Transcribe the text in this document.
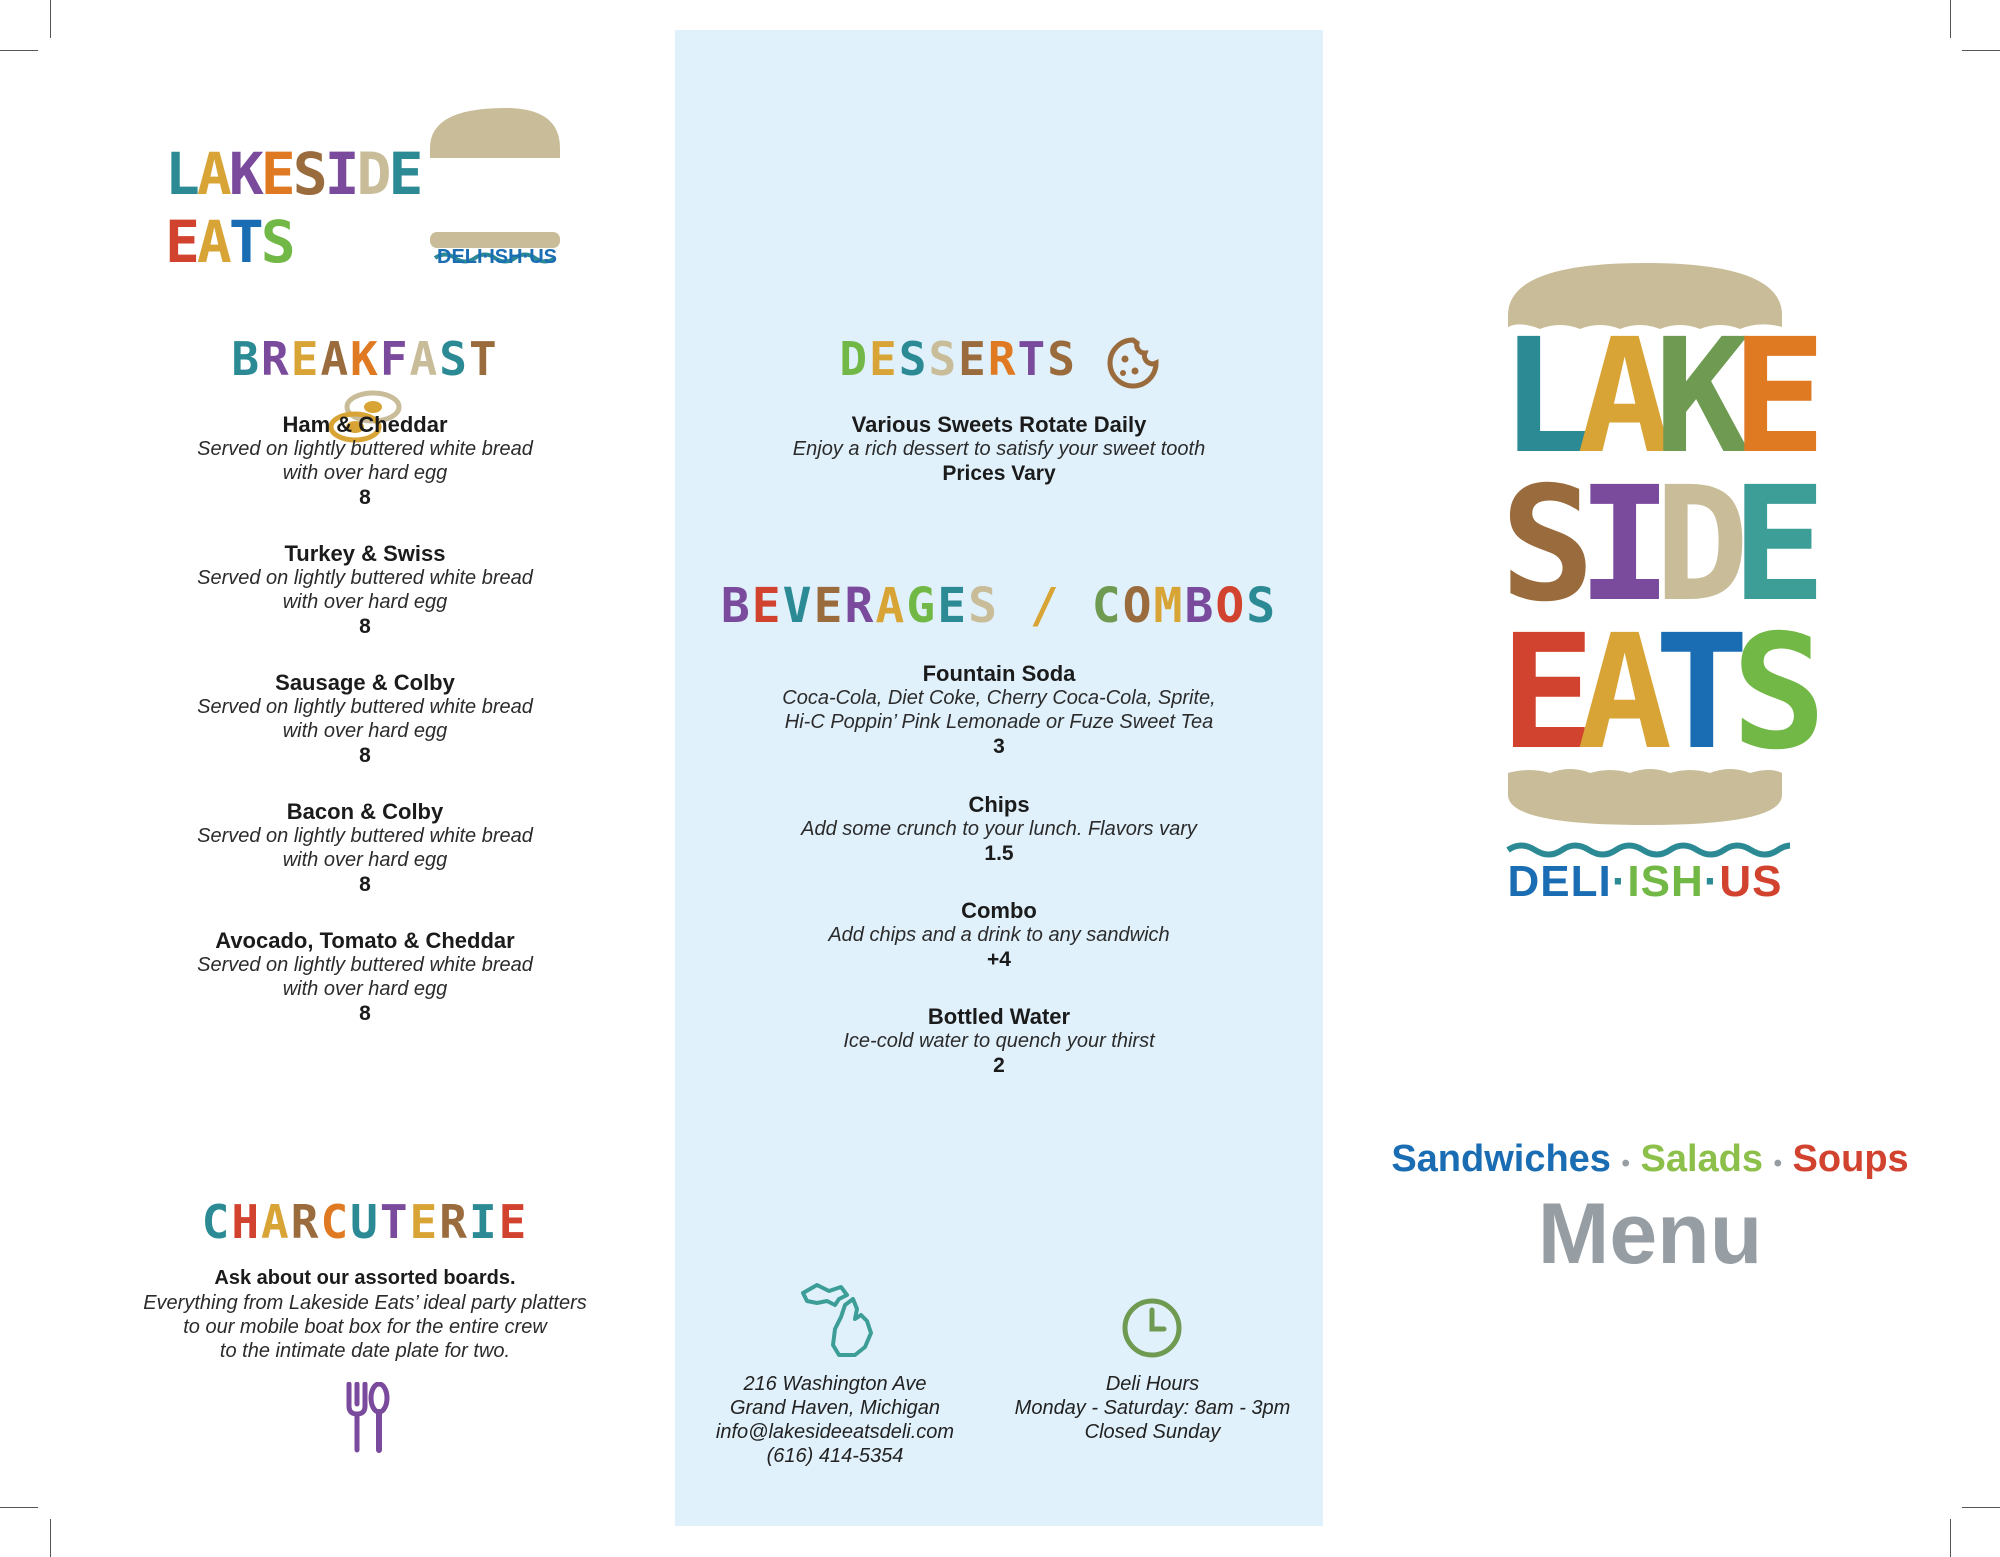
LAKESIDE EATS	DELI·ISH·US
BREAKFAST
Ham & Cheddar
Served on lightly buttered white bread
with over hard egg
8
Turkey & Swiss
Served on lightly buttered white bread
with over hard egg
8
Sausage & Colby
Served on lightly buttered white bread
with over hard egg
8
Bacon & Colby
Served on lightly buttered white bread
with over hard egg
8
Avocado, Tomato & Cheddar
Served on lightly buttered white bread
with over hard egg
8
CHARCUTERIE
Ask about our assorted boards.
Everything from Lakeside Eats’ ideal party platters
to our mobile boat box for the entire crew
to the intimate date plate for two.
DESSERTS
Various Sweets Rotate Daily
Enjoy a rich dessert to satisfy your sweet tooth
Prices Vary
BEVERAGES / COMBOS
Fountain Soda
Coca-Cola, Diet Coke, Cherry Coca-Cola, Sprite,
Hi-C Poppin’ Pink Lemonade or Fuze Sweet Tea
3
Chips
Add some crunch to your lunch. Flavors vary
1.5
Combo
Add chips and a drink to any sandwich
+4
Bottled Water
Ice-cold water to quench your thirst
2
216 Washington Ave
Grand Haven, Michigan
info@lakesideeatsdeli.com
(616) 414-5354
Deli Hours
Monday - Saturday: 8am - 3pm
Closed Sunday
LAKE
SIDE
EATS
DELI·ISH·US
Sandwiches • Salads • Soups
Menu
